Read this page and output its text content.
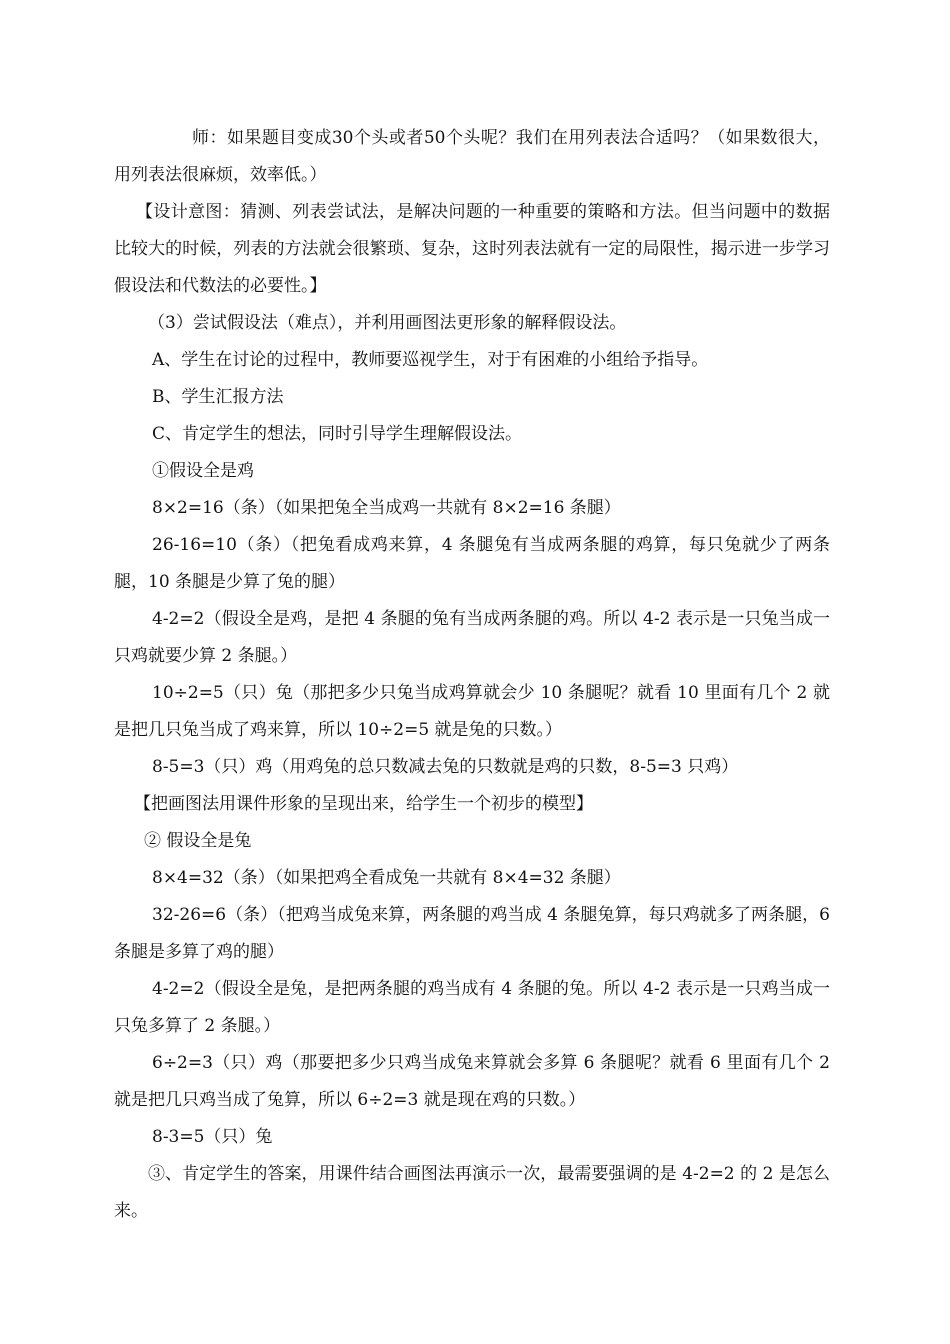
师：如果题目变成30个头或者50个头呢？我们在用列表法合适吗？（如果数很大，用列表法很麻烦，效率低。）

【设计意图：猜测、列表尝试法，是解决问题的一种重要的策略和方法。但当问题中的数据比较大的时候，列表的方法就会很繁琐、复杂，这时列表法就有一定的局限性，揭示进一步学习假设法和代数法的必要性。】

（3）尝试假设法（难点），并利用画图法更形象的解释假设法。

A、学生在讨论的过程中，教师要巡视学生，对于有困难的小组给予指导。

B、学生汇报方法

C、肯定学生的想法，同时引导学生理解假设法。

①假设全是鸡

8×2=16（条）（如果把兔全当成鸡一共就有 8×2=16 条腿）

26-16=10（条）（把兔看成鸡来算，4 条腿兔有当成两条腿的鸡算，每只兔就少了两条腿，10 条腿是少算了兔的腿）

4-2=2（假设全是鸡，是把 4 条腿的兔有当成两条腿的鸡。所以 4-2 表示是一只兔当成一只鸡就要少算 2 条腿。）

10÷2=5（只）兔（那把多少只兔当成鸡算就会少 10 条腿呢？就看 10 里面有几个 2 就是把几只兔当成了鸡来算，所以 10÷2=5 就是兔的只数。）

8-5=3（只）鸡（用鸡兔的总只数减去兔的只数就是鸡的只数，8-5=3 只鸡）

【把画图法用课件形象的呈现出来，给学生一个初步的模型】

② 假设全是兔

8×4=32（条）（如果把鸡全看成兔一共就有 8×4=32 条腿）

32-26=6（条）（把鸡当成兔来算，两条腿的鸡当成 4 条腿兔算，每只鸡就多了两条腿，6 条腿是多算了鸡的腿）

4-2=2（假设全是兔，是把两条腿的鸡当成有 4 条腿的兔。所以 4-2 表示是一只鸡当成一只兔多算了 2 条腿。）

6÷2=3（只）鸡（那要把多少只鸡当成兔来算就会多算 6 条腿呢？就看 6 里面有几个 2 就是把几只鸡当成了兔算，所以 6÷2=3 就是现在鸡的只数。）

8-3=5（只）兔

③、肯定学生的答案，用课件结合画图法再演示一次，最需要强调的是 4-2=2 的 2 是怎么来。
